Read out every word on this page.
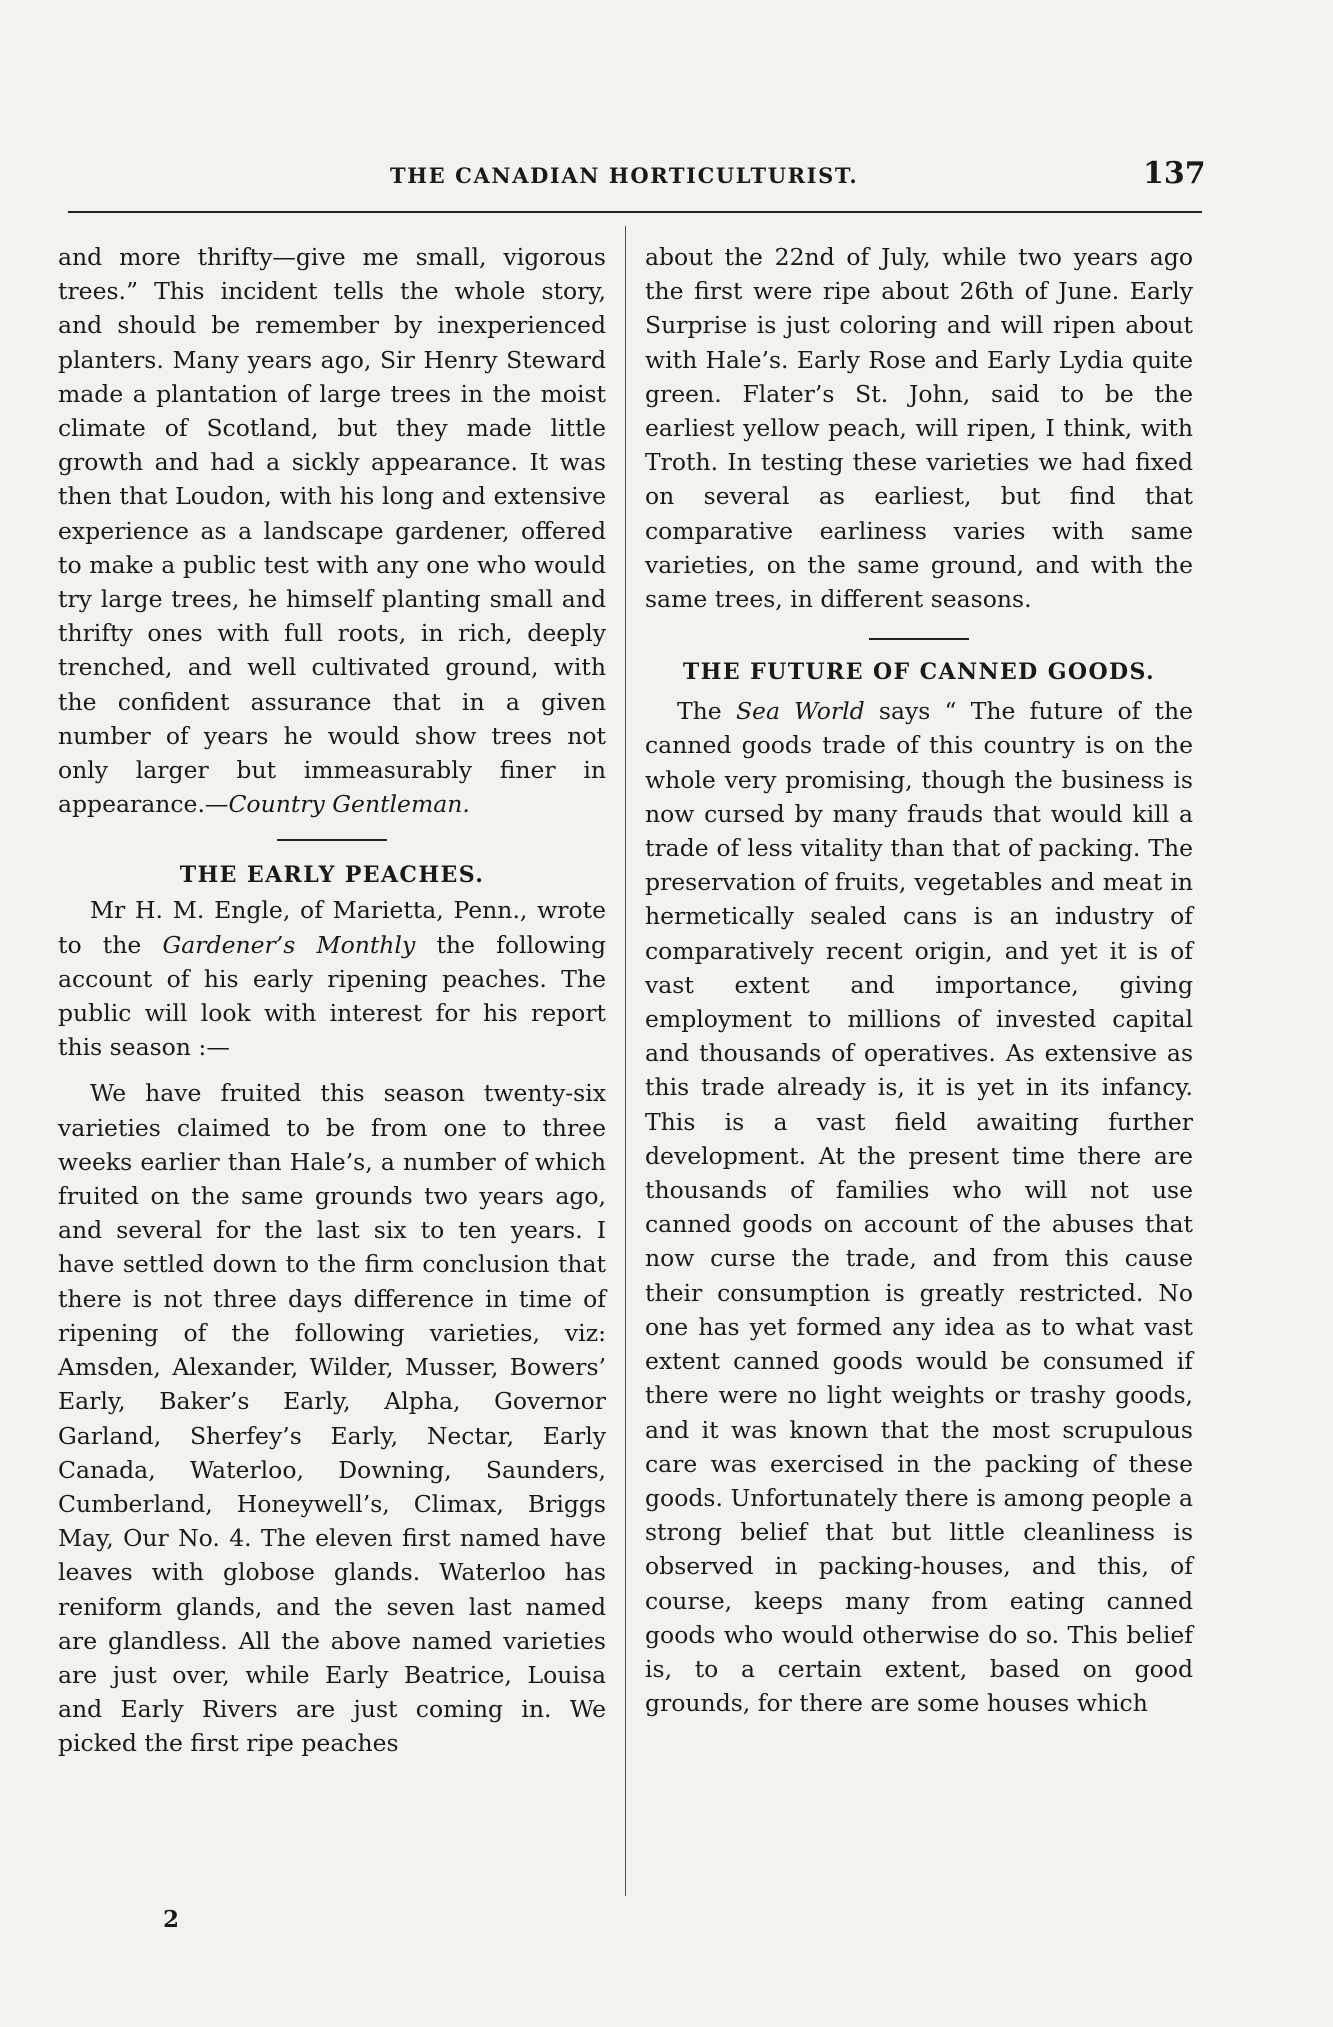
THE CANADIAN HORTICULTURIST.	137

and more thrifty—give me small, vigorous trees.” This incident tells the whole story, and should be remember by inexperienced planters. Many years ago, Sir Henry Steward made a plantation of large trees in the moist climate of Scotland, but they made little growth and had a sickly appearance. It was then that Loudon, with his long and extensive experience as a landscape gardener, offered to make a public test with any one who would try large trees, he himself planting small and thrifty ones with full roots, in rich, deeply trenched, and well cultivated ground, with the confident assurance that in a given number of years he would show trees not only larger but immeasurably finer in appearance.—Country Gentleman.

THE EARLY PEACHES.

Mr H. M. Engle, of Marietta, Penn., wrote to the Gardener’s Monthly the following account of his early ripening peaches. The public will look with interest for his report this season :—

We have fruited this season twenty-six varieties claimed to be from one to three weeks earlier than Hale’s, a number of which fruited on the same grounds two years ago, and several for the last six to ten years. I have settled down to the firm conclusion that there is not three days difference in time of ripening of the following varieties, viz: Amsden, Alexander, Wilder, Musser, Bowers’ Early, Baker’s Early, Alpha, Governor Garland, Sherfey’s Early, Nectar, Early Canada, Waterloo, Downing, Saunders, Cumberland, Honeywell’s, Climax, Briggs May, Our No. 4. The eleven first named have leaves with globose glands. Waterloo has reniform glands, and the seven last named are glandless. All the above named varieties are just over, while Early Beatrice, Louisa and Early Rivers are just coming in. We picked the first ripe peaches

about the 22nd of July, while two years ago the first were ripe about 26th of June. Early Surprise is just coloring and will ripen about with Hale’s. Early Rose and Early Lydia quite green. Flater’s St. John, said to be the earliest yellow peach, will ripen, I think, with Troth. In testing these varieties we had fixed on several as earliest, but find that comparative earliness varies with same varieties, on the same ground, and with the same trees, in different seasons.

THE FUTURE OF CANNED GOODS.

The Sea World says “ The future of the canned goods trade of this country is on the whole very promising, though the business is now cursed by many frauds that would kill a trade of less vitality than that of packing. The preservation of fruits, vegetables and meat in hermetically sealed cans is an industry of comparatively recent origin, and yet it is of vast extent and importance, giving employment to millions of invested capital and thousands of operatives. As extensive as this trade already is, it is yet in its infancy. This is a vast field awaiting further development. At the present time there are thousands of families who will not use canned goods on account of the abuses that now curse the trade, and from this cause their consumption is greatly restricted. No one has yet formed any idea as to what vast extent canned goods would be consumed if there were no light weights or trashy goods, and it was known that the most scrupulous care was exercised in the packing of these goods. Unfortunately there is among people a strong belief that but little cleanliness is observed in packing-houses, and this, of course, keeps many from eating canned goods who would otherwise do so. This belief is, to a certain extent, based on good grounds, for there are some houses which

2
